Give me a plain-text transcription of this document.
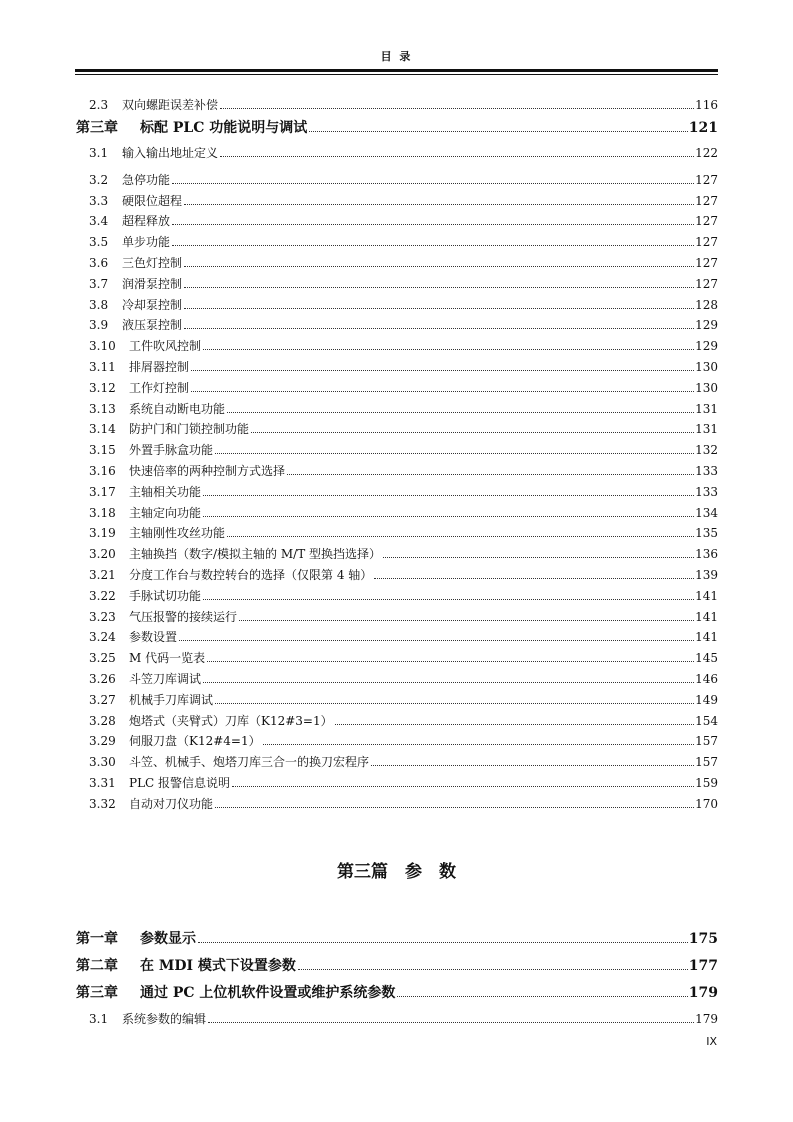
目 录
2.3	双向螺距误差补偿	116
第三章	标配 PLC 功能说明与调试	121
3.1	输入输出地址定义	122
3.2	急停功能	127
3.3	硬限位超程	127
3.4	超程释放	127
3.5	单步功能	127
3.6	三色灯控制	127
3.7	润滑泵控制	127
3.8	冷却泵控制	128
3.9	液压泵控制	129
3.10	工件吹风控制	129
3.11	排屑器控制	130
3.12	工作灯控制	130
3.13	系统自动断电功能	131
3.14	防护门和门锁控制功能	131
3.15	外置手脉盒功能	132
3.16	快速倍率的两种控制方式选择	133
3.17	主轴相关功能	133
3.18	主轴定向功能	134
3.19	主轴刚性攻丝功能	135
3.20	主轴换挡（数字/模拟主轴的 M/T 型换挡选择）	136
3.21	分度工作台与数控转台的选择（仅限第 4 轴）	139
3.22	手脉试切功能	141
3.23	气压报警的接续运行	141
3.24	参数设置	141
3.25	M 代码一览表	145
3.26	斗笠刀库调试	146
3.27	机械手刀库调试	149
3.28	炮塔式（夹臂式）刀库（K12#3=1）	154
3.29	伺服刀盘（K12#4=1）	157
3.30	斗笠、机械手、炮塔刀库三合一的换刀宏程序	157
3.31	PLC 报警信息说明	159
3.32	自动对刀仪功能	170
第一章	参数显示	175
第二章	在 MDI 模式下设置参数	177
第三章	通过 PC 上位机软件设置或维护系统参数	179
3.1	系统参数的编辑	179
第三篇　参　数
IX
